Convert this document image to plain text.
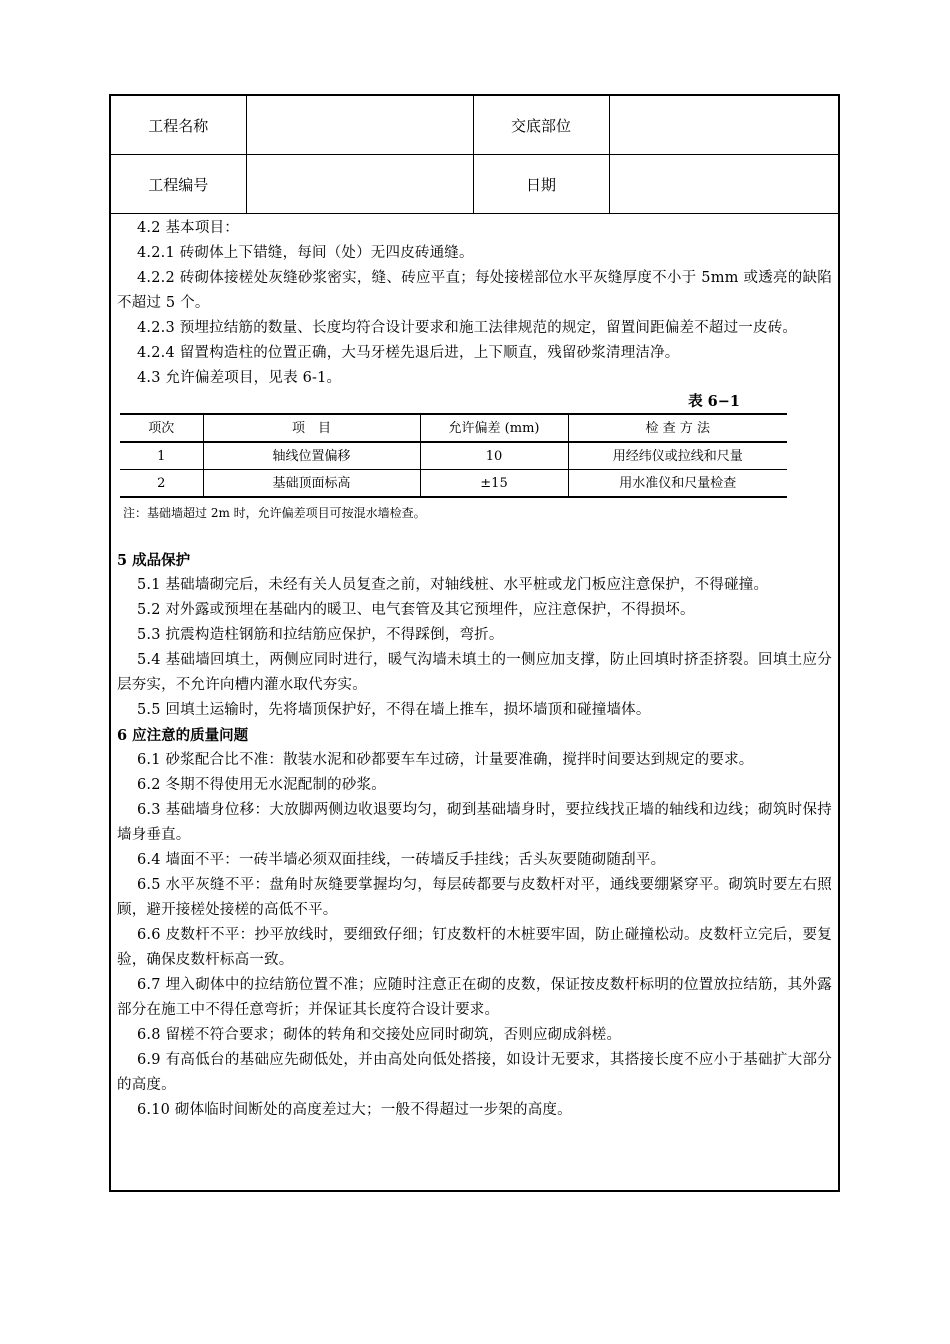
工程名称		交底部位	
工程编号		日期	

4.2 基本项目：

4.2.1 砖砌体上下错缝，每间（处）无四皮砖通缝。

4.2.2 砖砌体接槎处灰缝砂浆密实，缝、砖应平直；每处接槎部位水平灰缝厚度不小于 5mm 或透亮的缺陷不超过 5 个。

4.2.3 预埋拉结筋的数量、长度均符合设计要求和施工法律规范的规定，留置间距偏差不超过一皮砖。

4.2.4 留置构造柱的位置正确，大马牙槎先退后进，上下顺直，残留砂浆清理洁净。

4.3 允许偏差项目，见表 6-1。

表 6−1

项次	项　目	允许偏差 (mm)	检 查 方 法
1	轴线位置偏移	10	用经纬仪或拉线和尺量
2	基础顶面标高	±15	用水准仪和尺量检查

注：基础墙超过 2m 时，允许偏差项目可按混水墙检查。

5 成品保护

5.1 基础墙砌完后，未经有关人员复查之前，对轴线桩、水平桩或龙门板应注意保护，不得碰撞。

5.2 对外露或预埋在基础内的暖卫、电气套管及其它预埋件，应注意保护，不得损坏。

5.3 抗震构造柱钢筋和拉结筋应保护，不得踩倒，弯折。

5.4 基础墙回填土，两侧应同时进行，暖气沟墙未填土的一侧应加支撑，防止回填时挤歪挤裂。回填土应分层夯实，不允许向槽内灌水取代夯实。

5.5 回填土运输时，先将墙顶保护好，不得在墙上推车，损坏墙顶和碰撞墙体。

6 应注意的质量问题

6.1 砂浆配合比不准：散装水泥和砂都要车车过磅，计量要准确，搅拌时间要达到规定的要求。

6.2 冬期不得使用无水泥配制的砂浆。

6.3 基础墙身位移：大放脚两侧边收退要均匀，砌到基础墙身时，要拉线找正墙的轴线和边线；砌筑时保持墙身垂直。

6.4 墙面不平：一砖半墙必须双面挂线，一砖墙反手挂线；舌头灰要随砌随刮平。

6.5 水平灰缝不平：盘角时灰缝要掌握均匀，每层砖都要与皮数杆对平，通线要绷紧穿平。砌筑时要左右照顾，避开接槎处接槎的高低不平。

6.6 皮数杆不平：抄平放线时，要细致仔细；钉皮数杆的木桩要牢固，防止碰撞松动。皮数杆立完后，要复验，确保皮数杆标高一致。

6.7 埋入砌体中的拉结筋位置不准；应随时注意正在砌的皮数，保证按皮数杆标明的位置放拉结筋，其外露部分在施工中不得任意弯折；并保证其长度符合设计要求。

6.8 留槎不符合要求；砌体的转角和交接处应同时砌筑，否则应砌成斜槎。

6.9 有高低台的基础应先砌低处，并由高处向低处搭接，如设计无要求，其搭接长度不应小于基础扩大部分的高度。

6.10 砌体临时间断处的高度差过大；一般不得超过一步架的高度。
